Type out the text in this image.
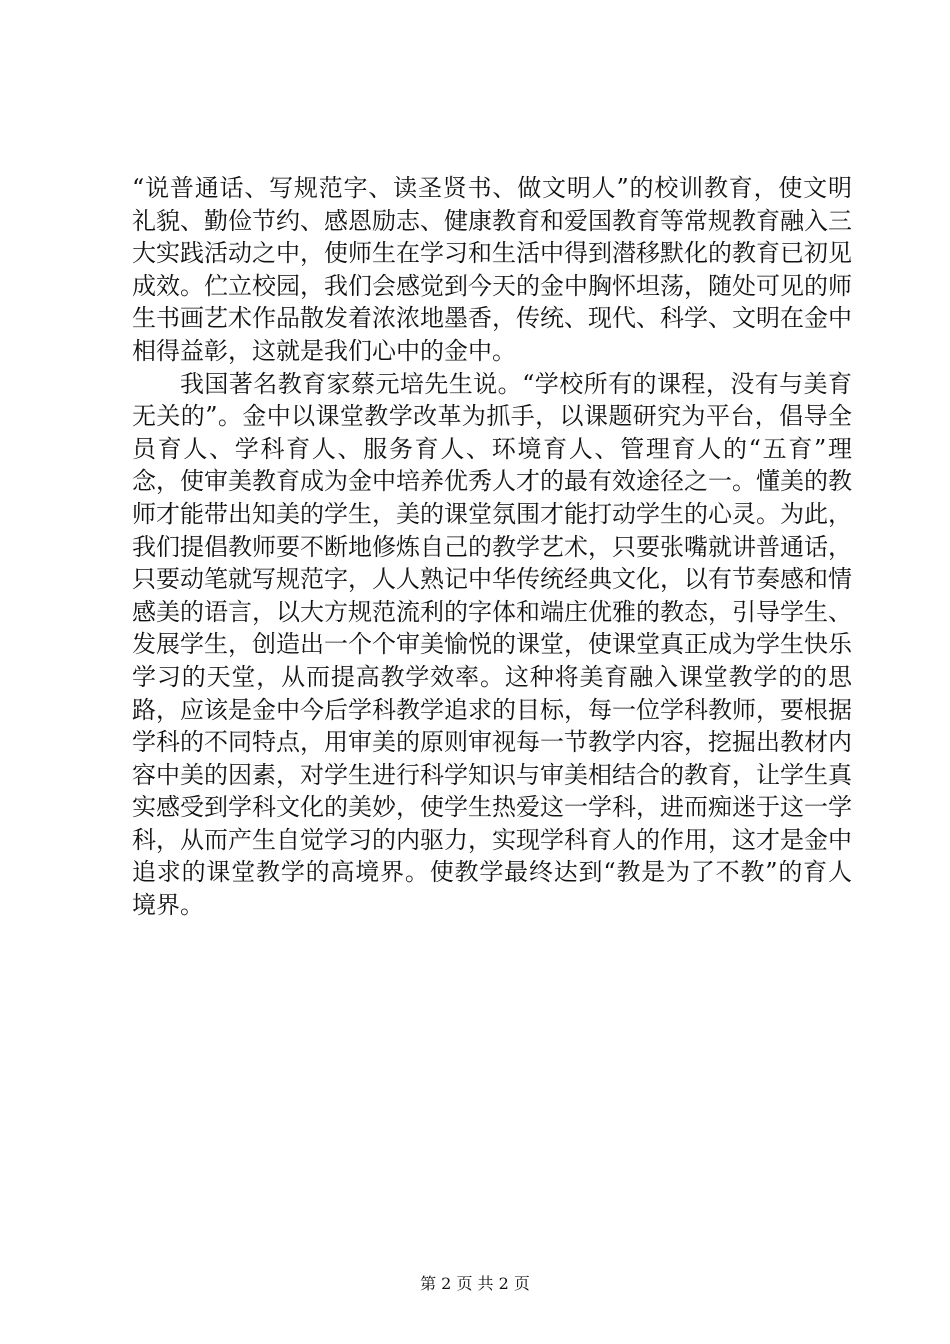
“说普通话、写规范字、读圣贤书、做文明人”的校训教育，使文明礼貌、勤俭节约、感恩励志、健康教育和爱国教育等常规教育融入三大实践活动之中，使师生在学习和生活中得到潜移默化的教育已初见成效。伫立校园，我们会感觉到今天的金中胸怀坦荡，随处可见的师生书画艺术作品散发着浓浓地墨香，传统、现代、科学、文明在金中相得益彰，这就是我们心中的金中。

我国著名教育家蔡元培先生说。“学校所有的课程，没有与美育无关的”。金中以课堂教学改革为抓手，以课题研究为平台，倡导全员育人、学科育人、服务育人、环境育人、管理育人的“五育”理念，使审美教育成为金中培养优秀人才的最有效途径之一。懂美的教师才能带出知美的学生，美的课堂氛围才能打动学生的心灵。为此，我们提倡教师要不断地修炼自己的教学艺术，只要张嘴就讲普通话，只要动笔就写规范字，人人熟记中华传统经典文化，以有节奏感和情感美的语言，以大方规范流利的字体和端庄优雅的教态，引导学生、发展学生，创造出一个个审美愉悦的课堂，使课堂真正成为学生快乐学习的天堂，从而提高教学效率。这种将美育融入课堂教学的的思路，应该是金中今后学科教学追求的目标，每一位学科教师，要根据学科的不同特点，用审美的原则审视每一节教学内容，挖掘出教材内容中美的因素，对学生进行科学知识与审美相结合的教育，让学生真实感受到学科文化的美妙，使学生热爱这一学科，进而痴迷于这一学科，从而产生自觉学习的内驱力，实现学科育人的作用，这才是金中追求的课堂教学的高境界。使教学最终达到“教是为了不教”的育人境界。

第 2 页 共 2 页
